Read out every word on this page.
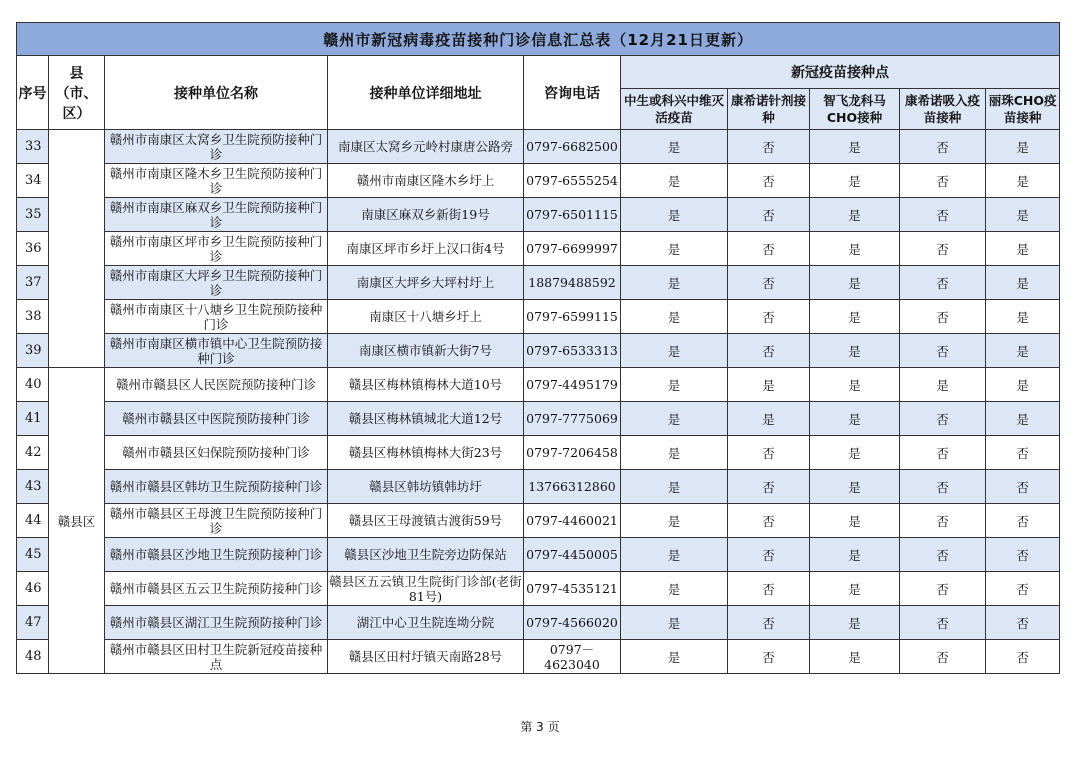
赣州市新冠病毒疫苗接种门诊信息汇总表（12月21日更新）									
序号	县（市、区）	接种单位名称	接种单位详细地址	咨询电话	新冠疫苗接种点				
					中生或科兴中维灭活疫苗	康希诺针剂接种	智飞龙科马CHO接种	康希诺吸入疫苗接种	丽珠CHO疫苗接种
33		赣州市南康区太窝乡卫生院预防接种门诊	南康区太窝乡元岭村康唐公路旁	0797-6682500	是	否	是	否	是
34		赣州市南康区隆木乡卫生院预防接种门诊	赣州市南康区隆木乡圩上	0797-6555254	是	否	是	否	是
35		赣州市南康区麻双乡卫生院预防接种门诊	南康区麻双乡新街19号	0797-6501115	是	否	是	否	是
36		赣州市南康区坪市乡卫生院预防接种门诊	南康区坪市乡圩上汉口街4号	0797-6699997	是	否	是	否	是
37		赣州市南康区大坪乡卫生院预防接种门诊	南康区大坪乡大坪村圩上	18879488592	是	否	是	否	是
38		赣州市南康区十八塘乡卫生院预防接种门诊	南康区十八塘乡圩上	0797-6599115	是	否	是	否	是
39		赣州市南康区横市镇中心卫生院预防接种门诊	南康区横市镇新大街7号	0797-6533313	是	否	是	否	是
40	赣县区	赣州市赣县区人民医院预防接种门诊	赣县区梅林镇梅林大道10号	0797-4495179	是	是	是	是	是
41		赣州市赣县区中医院预防接种门诊	赣县区梅林镇城北大道12号	0797-7775069	是	是	是	否	是
42		赣州市赣县区妇保院预防接种门诊	赣县区梅林镇梅林大街23号	0797-7206458	是	否	是	否	否
43		赣州市赣县区韩坊卫生院预防接种门诊	赣县区韩坊镇韩坊圩	13766312860	是	否	是	否	否
44		赣州市赣县区王母渡卫生院预防接种门诊	赣县区王母渡镇古渡街59号	0797-4460021	是	否	是	否	否
45		赣州市赣县区沙地卫生院预防接种门诊	赣县区沙地卫生院旁边防保站	0797-4450005	是	否	是	否	否
46		赣州市赣县区五云卫生院预防接种门诊	赣县区五云镇卫生院街门诊部(老街81号)	0797-4535121	是	否	是	否	否
47		赣州市赣县区湖江卫生院预防接种门诊	湖江中心卫生院连坳分院	0797-4566020	是	否	是	否	否
48		赣州市赣县区田村卫生院新冠疫苗接种点	赣县区田村圩镇天南路28号	0797－4623040	是	否	是	否	否
第 3 页
